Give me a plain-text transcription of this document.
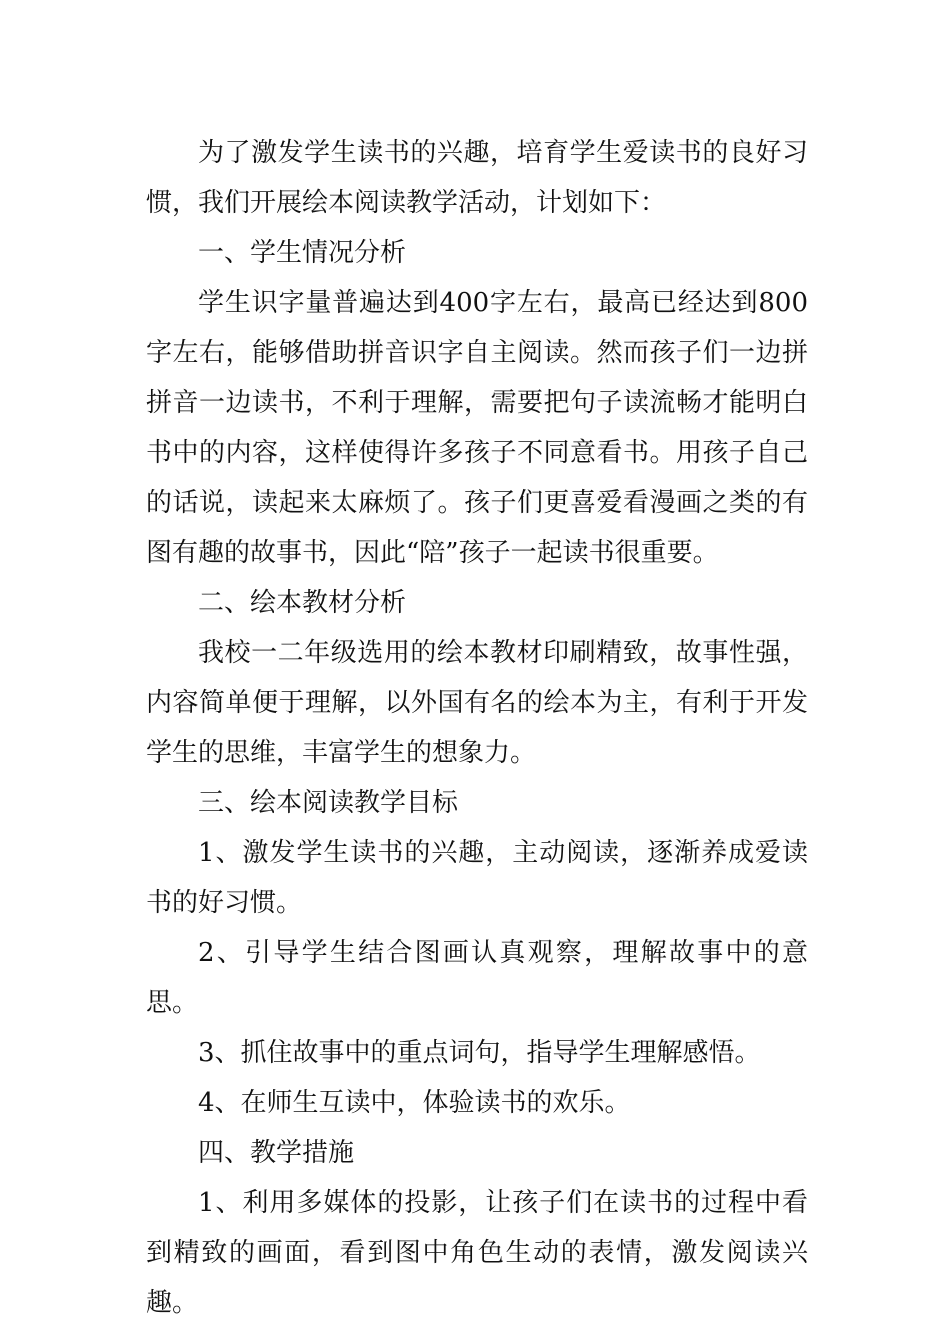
为了激发学生读书的兴趣，培育学生爱读书的良好习惯，我们开展绘本阅读教学活动，计划如下：

一、学生情况分析

学生识字量普遍达到400字左右，最高已经达到800字左右，能够借助拼音识字自主阅读。然而孩子们一边拼拼音一边读书，不利于理解，需要把句子读流畅才能明白书中的内容，这样使得许多孩子不同意看书。用孩子自己的话说，读起来太麻烦了。孩子们更喜爱看漫画之类的有图有趣的故事书，因此“陪”孩子一起读书很重要。

二、绘本教材分析

我校一二年级选用的绘本教材印刷精致，故事性强，内容简单便于理解，以外国有名的绘本为主，有利于开发学生的思维，丰富学生的想象力。

三、绘本阅读教学目标

1、激发学生读书的兴趣，主动阅读，逐渐养成爱读书的好习惯。

2、引导学生结合图画认真观察，理解故事中的意思。

3、抓住故事中的重点词句，指导学生理解感悟。

4、在师生互读中，体验读书的欢乐。

四、教学措施

1、利用多媒体的投影，让孩子们在读书的过程中看到精致的画面，看到图中角色生动的表情，激发阅读兴趣。
